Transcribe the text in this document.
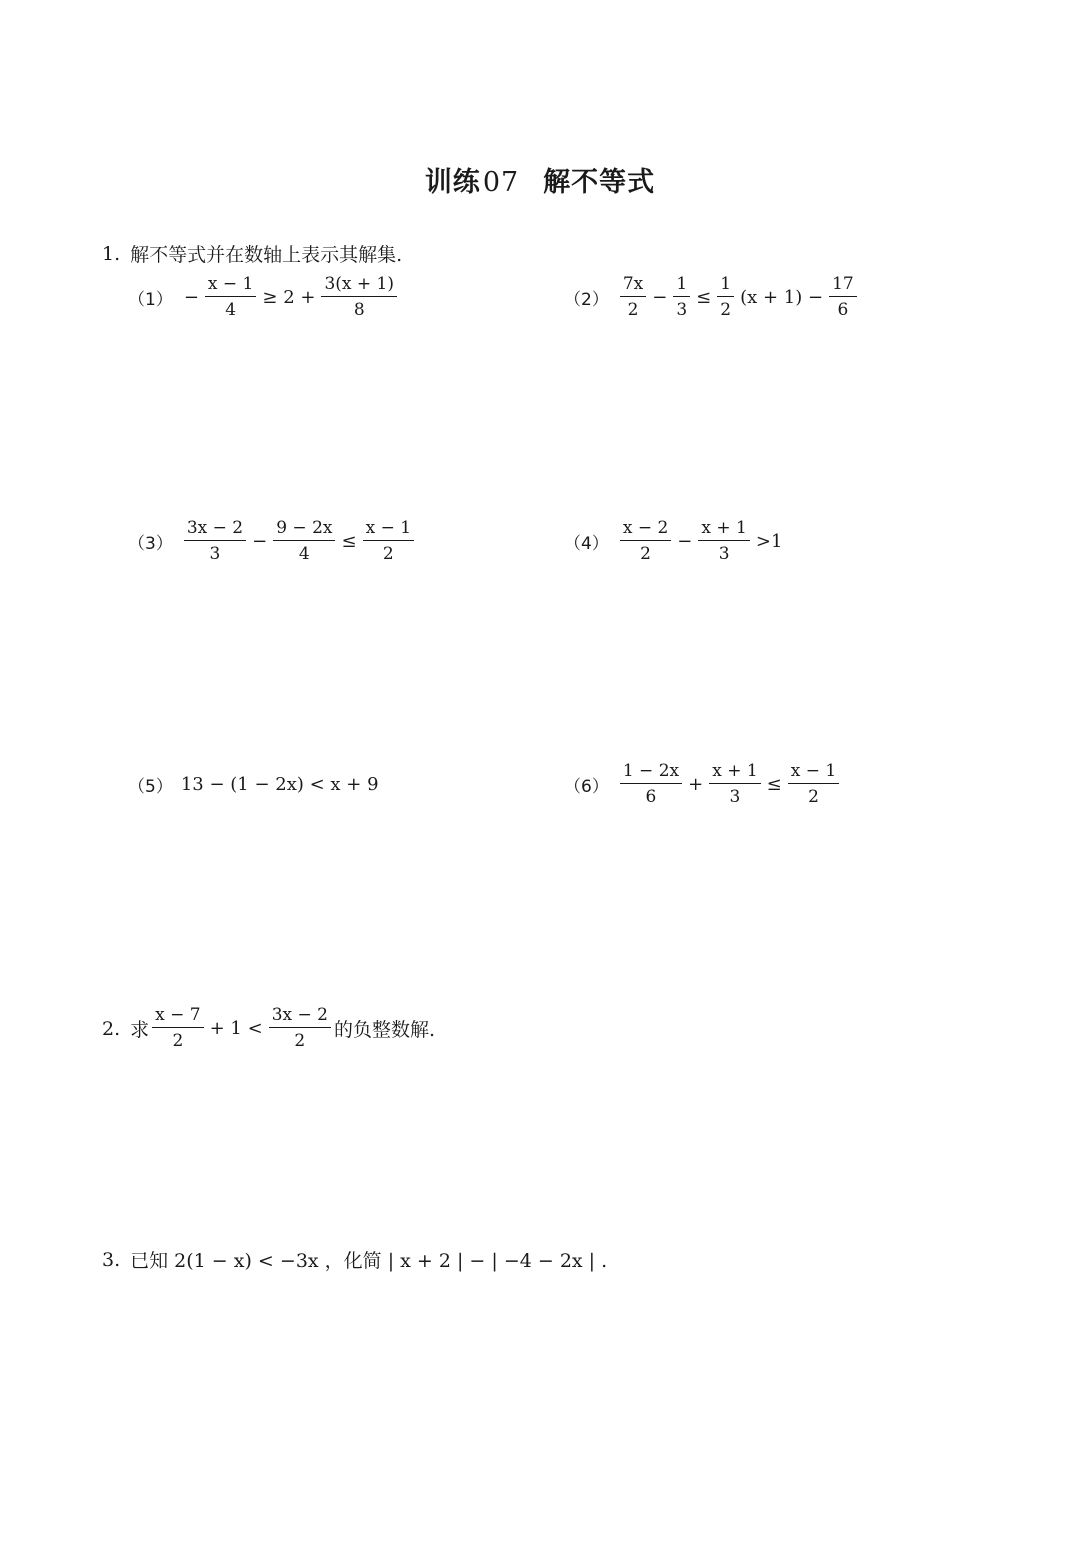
训练07 解不等式
1. 解不等式并在数轴上表示其解集.
$(1) - \frac{x - 1}{4} \ge 2 + \frac{3(x + 1)}{8}$	$(2) \frac{7x}{2} - \frac{1}{3} \le \frac{1}{2} (x + 1) - \frac{17}{6}$
$(3) \frac{3x - 2}{3} - \frac{9 - 2x}{4} \le \frac{x - 1}{2}$	$(4) \frac{x - 2}{2} - \frac{x + 1}{3} >1$
（5） 13 − (1 − 2x) < x + 9	$(6) \frac{1 - 2x}{6} + \frac{x + 1}{3} \le \frac{x - 1}{2}$
2. 求 $\frac{x - 7}{2} + 1 < \frac{3x - 2}{2}$ 的负整数解.
3. 已知 2(1 − x) < −3x ，化简 | x + 2 | − | −4 − 2x | .
